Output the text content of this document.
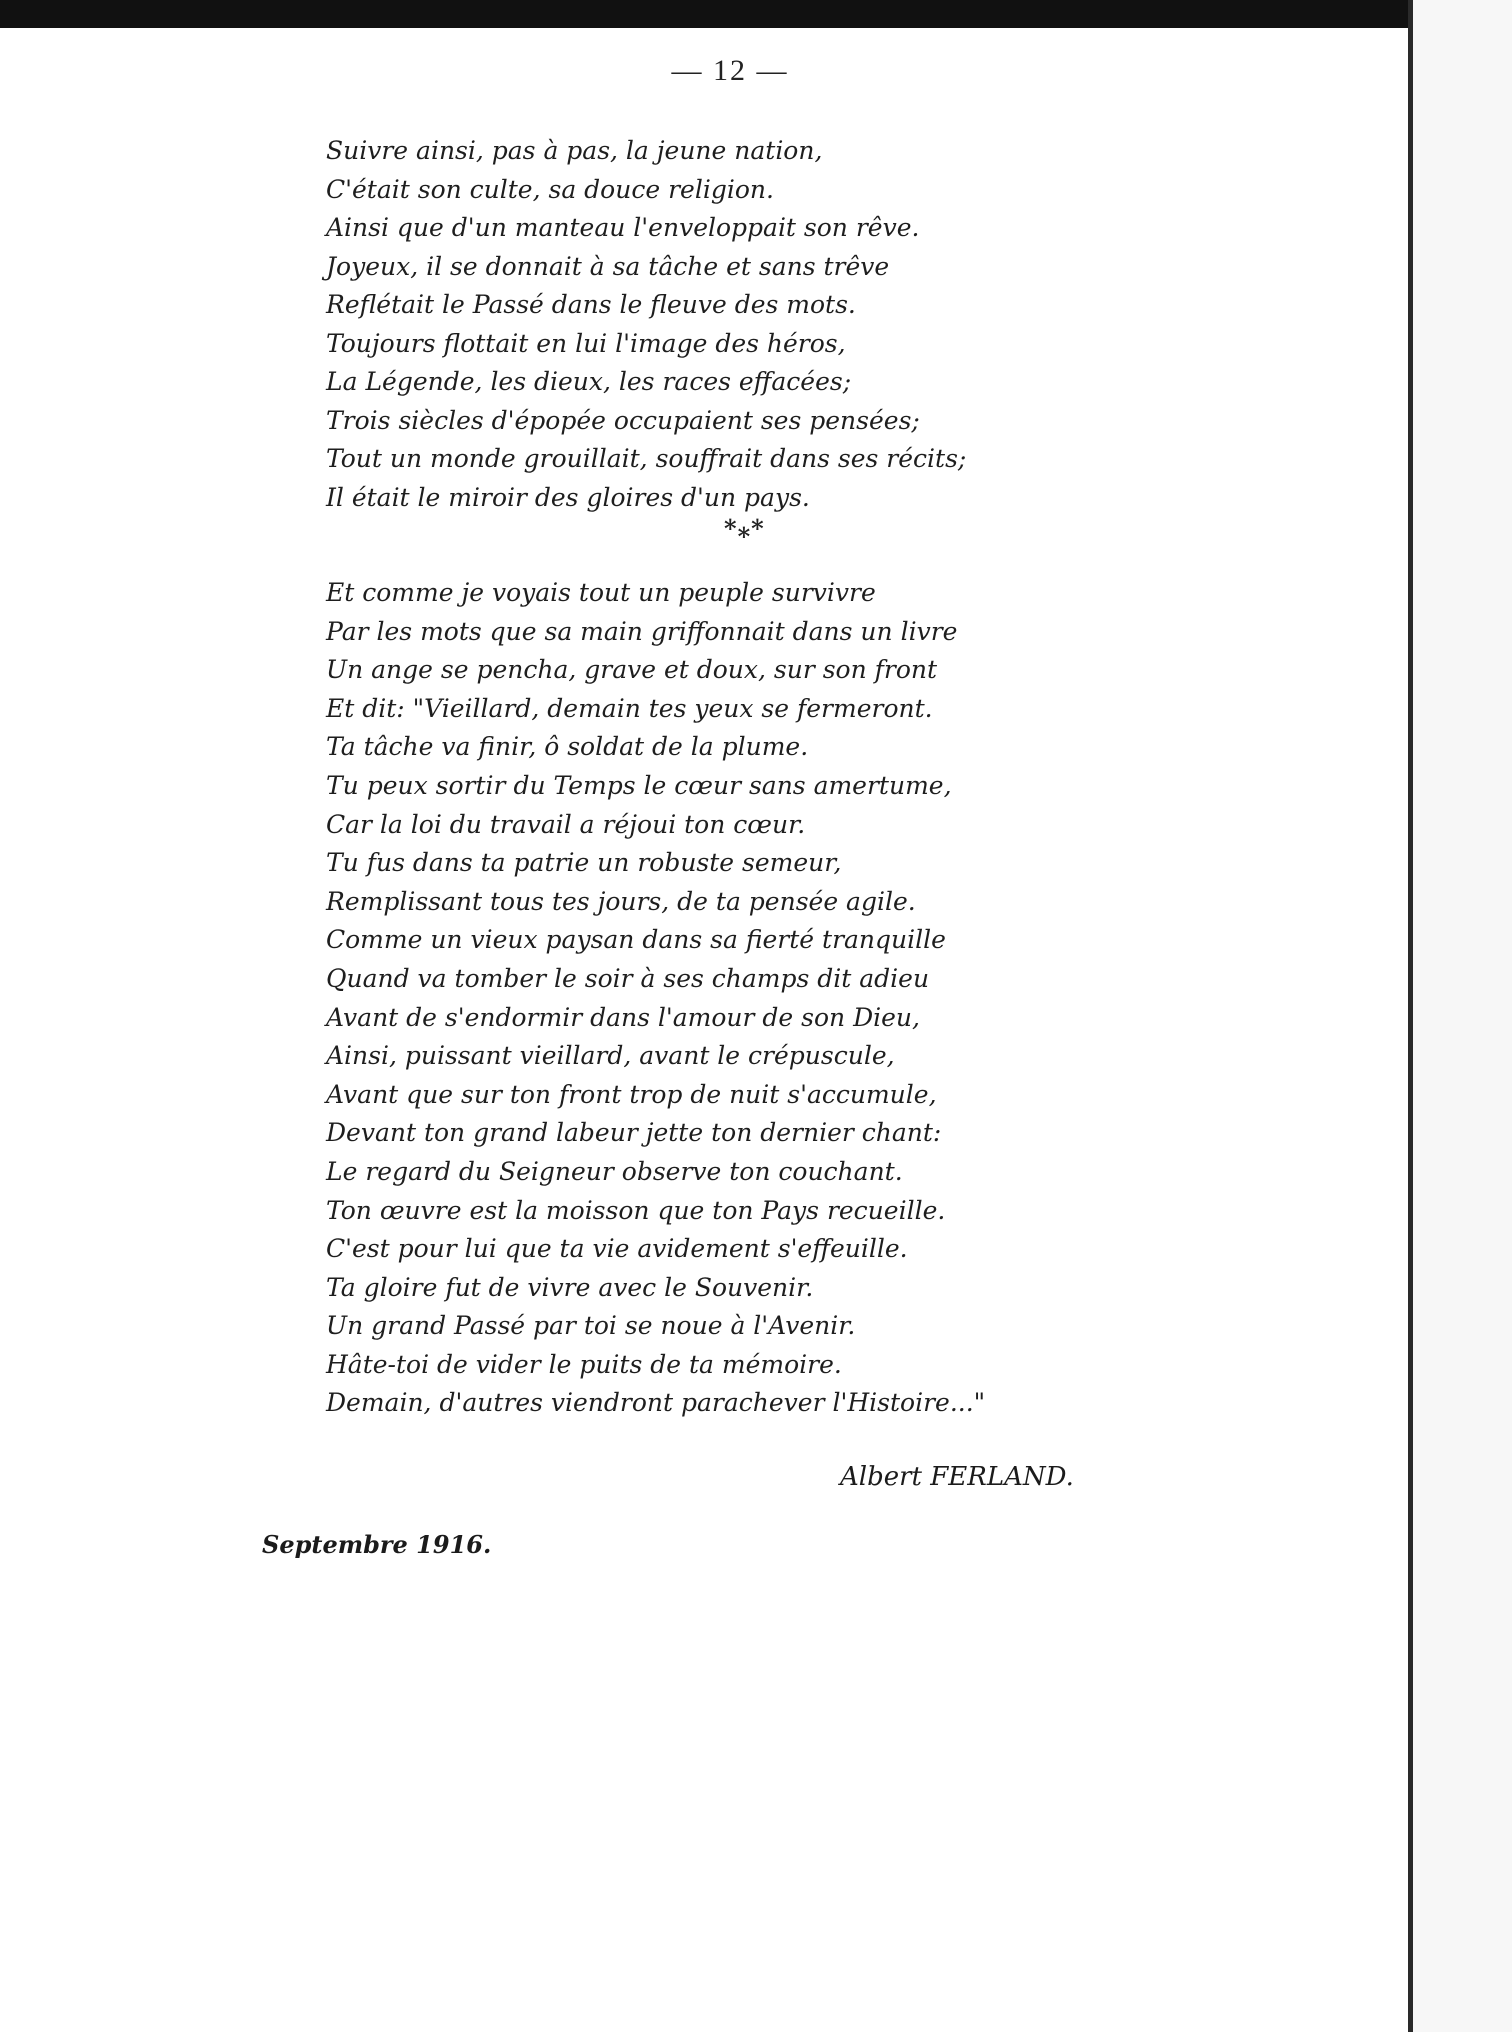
— 12 —
Suivre ainsi, pas à pas, la jeune nation,
C'était son culte, sa douce religion.
Ainsi que d'un manteau l'enveloppait son rêve.
Joyeux, il se donnait à sa tâche et sans trêve
Reflétait le Passé dans le fleuve des mots.
Toujours flottait en lui l'image des héros,
La Légende, les dieux, les races effacées;
Trois siècles d'épopée occupaient ses pensées;
Tout un monde grouillait, souffrait dans ses récits;
Il était le miroir des gloires d'un pays.
***
Et comme je voyais tout un peuple survivre
Par les mots que sa main griffonnait dans un livre
Un ange se pencha, grave et doux, sur son front
Et dit: "Vieillard, demain tes yeux se fermeront.
Ta tâche va finir, ô soldat de la plume.
Tu peux sortir du Temps le cœur sans amertume,
Car la loi du travail a réjoui ton cœur.
Tu fus dans ta patrie un robuste semeur,
Remplissant tous tes jours, de ta pensée agile.
Comme un vieux paysan dans sa fierté tranquille
Quand va tomber le soir à ses champs dit adieu
Avant de s'endormir dans l'amour de son Dieu,
Ainsi, puissant vieillard, avant le crépuscule,
Avant que sur ton front trop de nuit s'accumule,
Devant ton grand labeur jette ton dernier chant:
Le regard du Seigneur observe ton couchant.
Ton œuvre est la moisson que ton Pays recueille.
C'est pour lui que ta vie avidement s'effeuille.
Ta gloire fut de vivre avec le Souvenir.
Un grand Passé par toi se noue à l'Avenir.
Hâte-toi de vider le puits de ta mémoire.
Demain, d'autres viendront parachever l'Histoire..."
Albert FERLAND.
Septembre 1916.
